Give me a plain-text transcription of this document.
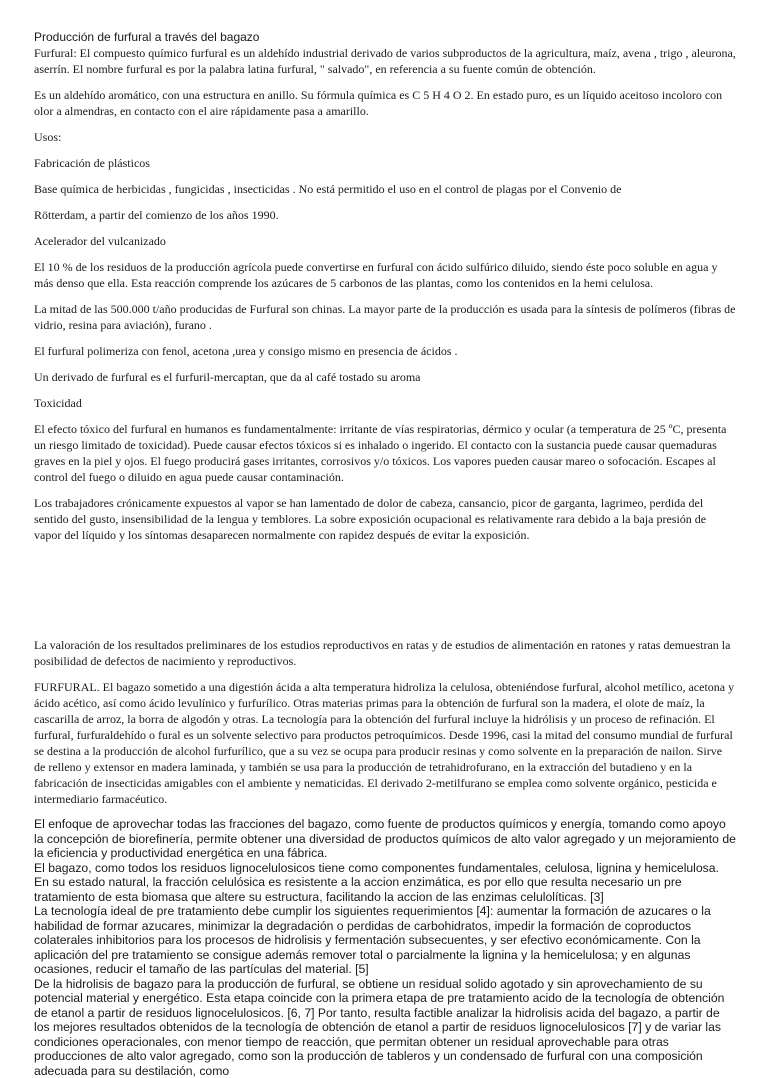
Producción de furfural a través del bagazo

Furfural: El compuesto químico furfural es un aldehído industrial derivado de varios subproductos de la agricultura, maíz, avena , trigo , aleurona, aserrín. El nombre furfural es por la palabra latina furfural, " salvado", en referencia a su fuente común de obtención.

Es un aldehído aromático, con una estructura en anillo. Su fórmula química es C 5 H 4 O 2. En estado puro, es un líquido aceitoso incoloro con olor a almendras, en contacto con el aire rápidamente pasa a amarillo.

Usos:

Fabricación de plásticos

Base química de herbicidas , fungicidas , insecticidas . No está permitido el uso en el control de plagas por el Convenio de

Rötterdam, a partir del comienzo de los años 1990.

Acelerador del vulcanizado

El 10 % de los residuos de la producción agrícola puede convertirse en furfural con ácido sulfúrico diluido, siendo éste poco soluble en agua y más denso que ella. Esta reacción comprende los azúcares de 5 carbonos de las plantas, como los contenidos en la hemi celulosa.

La mitad de las 500.000 t/año producidas de Furfural son chinas. La mayor parte de la producción es usada para la síntesis de polímeros (fibras de vidrio, resina para aviación), furano .

El furfural polimeriza con fenol, acetona ,urea y consigo mismo en presencia de ácidos .

Un derivado de furfural es el furfuril-mercaptan, que da al café tostado su aroma

Toxicidad

El efecto tóxico del furfural en humanos es fundamentalmente: irritante de vías respiratorias, dérmico y ocular (a temperatura de 25 ºC, presenta un riesgo limitado de toxicidad). Puede causar efectos tóxicos si es inhalado o ingerido. El contacto con la sustancia puede causar quemaduras graves en la piel y ojos. El fuego producirá gases irritantes, corrosivos y/o tóxicos. Los vapores pueden causar mareo o sofocación. Escapes al control del fuego o diluido en agua puede causar contaminación.

Los trabajadores crónicamente expuestos al vapor se han lamentado de dolor de cabeza, cansancio, picor de garganta, lagrimeo, perdida del sentido del gusto, insensibilidad de la lengua y temblores. La sobre exposición ocupacional es relativamente rara debido a la baja presión de vapor del líquido y los síntomas desaparecen normalmente con rapidez después de evitar la exposición.

La valoración de los resultados preliminares de los estudios reproductivos en ratas y de estudios de alimentación en ratones y ratas demuestran la posibilidad de defectos de nacimiento y reproductivos.

FURFURAL. El bagazo sometido a una digestión ácida a alta temperatura hidroliza la celulosa, obteniéndose furfural, alcohol metílico, acetona y ácido acético, así como ácido levulínico y furfurílico. Otras materias primas para la obtención de furfural son la madera, el olote de maíz, la cascarilla de arroz, la borra de algodón y otras. La tecnología para la obtención del furfural incluye la hidrólisis y un proceso de refinación. El furfural, furfuraldehído o fural es un solvente selectivo para productos petroquímicos. Desde 1996, casi la mitad del consumo mundial de furfural se destina a la producción de alcohol furfurílico, que a su vez se ocupa para producir resinas y como solvente en la preparación de nailon. Sirve de relleno y extensor en madera laminada, y también se usa para la producción de tetrahidrofurano, en la extracción del butadieno y en la fabricación de insecticidas amigables con el ambiente y nematicidas. El derivado 2-metilfurano se emplea como solvente orgánico, pesticida e intermediario farmacéutico.

El enfoque de aprovechar todas las fracciones del bagazo, como fuente de productos químicos y energía, tomando como apoyo la concepción de biorefinería, permite obtener una diversidad de productos químicos de alto valor agregado y un mejoramiento de la eficiencia y productividad energética en una fábrica.

El bagazo, como todos los residuos lignocelulosicos tiene como componentes fundamentales, celulosa, lignina y hemicelulosa. En su estado natural, la fracción celulósica es resistente a la accion enzimática, es por ello que resulta necesario un pre tratamiento de esta biomasa que altere su estructura, facilitando la accion de las enzimas celulolíticas. [3]

La tecnología ideal de pre tratamiento debe cumplir los siguientes requerimientos [4]: aumentar la formación de azucares o la habilidad de formar azucares, minimizar la degradación o perdidas de carbohidratos, impedir la formación de coproductos colaterales inhibitorios para los procesos de hidrolisis y fermentación subsecuentes, y ser efectivo económicamente. Con la aplicación del pre tratamiento se consigue además remover total o parcialmente la lignina y la hemicelulosa; y en algunas ocasiones, reducir el tamaño de las partículas del material. [5]

De la hidrolisis de bagazo para la producción de furfural, se obtiene un residual solido agotado y sin aprovechamiento de su potencial material y energético. Esta etapa coincide con la primera etapa de pre tratamiento acido de la tecnología de obtención de etanol a partir de residuos lignocelulosicos. [6, 7] Por tanto, resulta factible analizar la hidrolisis acida del bagazo, a partir de los mejores resultados obtenidos de la tecnología de obtención de etanol a partir de residuos lignocelulosicos [7] y de variar las condiciones operacionales, con menor tiempo de reacción, que permitan obtener un residual aprovechable para otras producciones de alto valor agregado, como son la producción de tableros y un condensado de furfural con una composición adecuada para su destilación, como
